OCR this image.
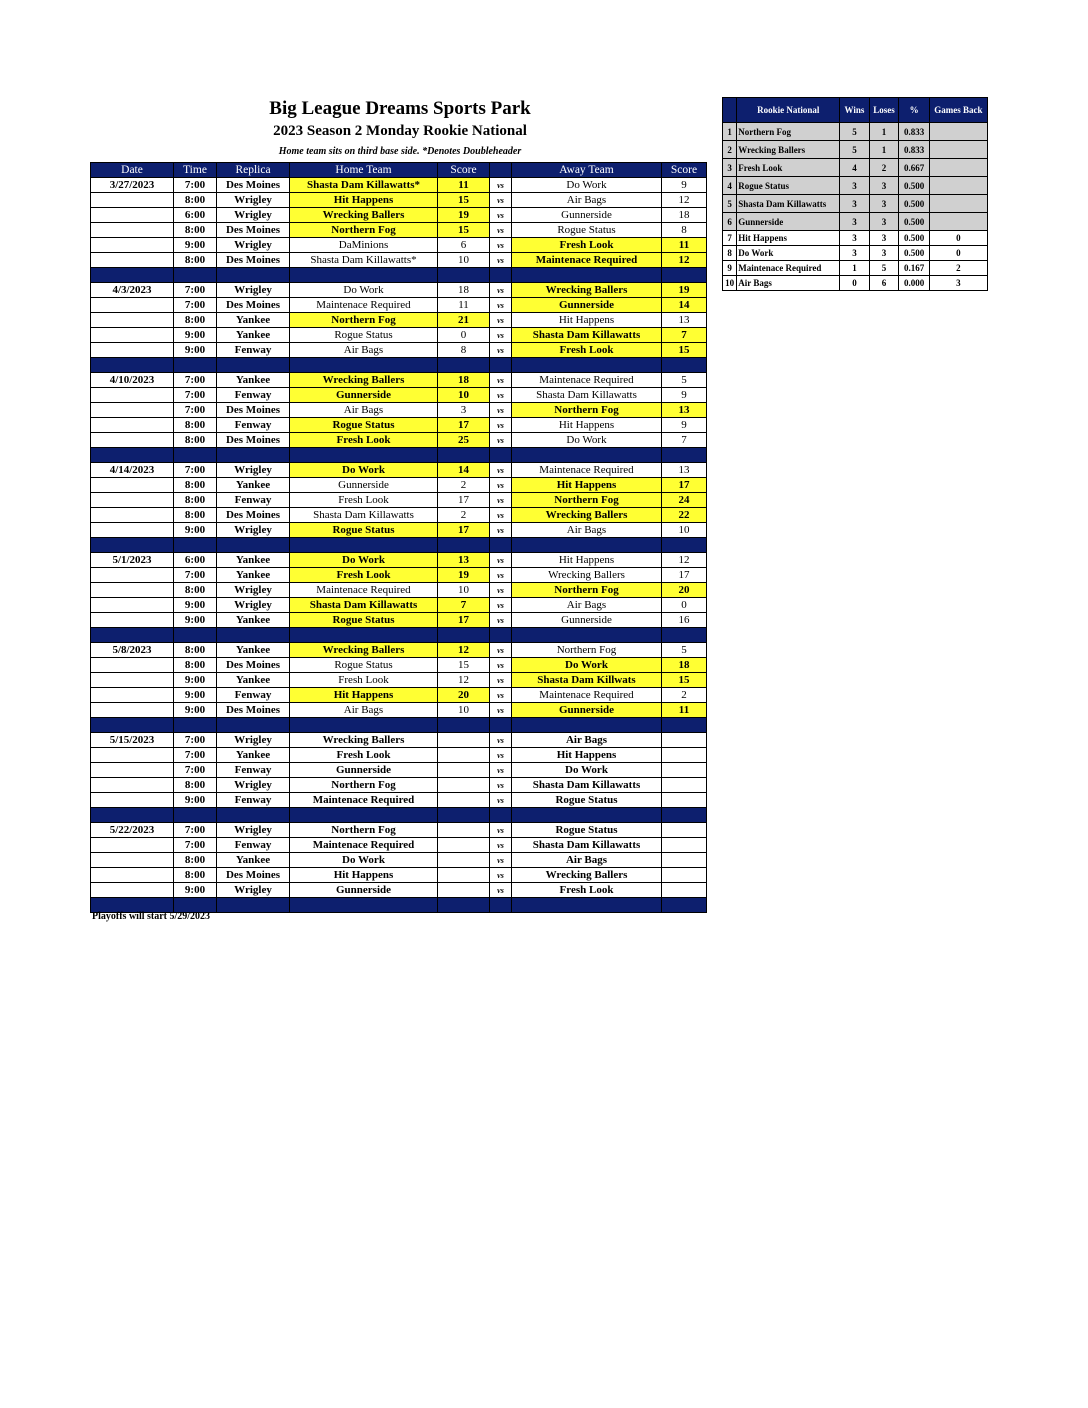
Big League Dreams Sports Park
2023 Season 2 Monday Rookie National
Home team sits on third base side. *Denotes Doubleheader
Date	Time	Replica	Home Team	Score		Away Team	Score
3/27/2023	7:00	Des Moines	Shasta Dam Killawatts*	11	vs	Do Work	9
	8:00	Wrigley	Hit Happens	15	vs	Air Bags	12
	6:00	Wrigley	Wrecking Ballers	19	vs	Gunnerside	18
	8:00	Des Moines	Northern Fog	15	vs	Rogue Status	8
	9:00	Wrigley	DaMinions	6	vs	Fresh Look	11
	8:00	Des Moines	Shasta Dam Killawatts*	10	vs	Maintenace Required	12

4/3/2023	7:00	Wrigley	Do Work	18	vs	Wrecking Ballers	19
	7:00	Des Moines	Maintenace Required	11	vs	Gunnerside	14
	8:00	Yankee	Northern Fog	21	vs	Hit Happens	13
	9:00	Yankee	Rogue Status	0	vs	Shasta Dam Killawatts	7
	9:00	Fenway	Air Bags	8	vs	Fresh Look	15

4/10/2023	7:00	Yankee	Wrecking Ballers	18	vs	Maintenace Required	5
	7:00	Fenway	Gunnerside	10	vs	Shasta Dam Killawatts	9
	7:00	Des Moines	Air Bags	3	vs	Northern Fog	13
	8:00	Fenway	Rogue Status	17	vs	Hit Happens	9
	8:00	Des Moines	Fresh Look	25	vs	Do Work	7

4/14/2023	7:00	Wrigley	Do Work	14	vs	Maintenace Required	13
	8:00	Yankee	Gunnerside	2	vs	Hit Happens	17
	8:00	Fenway	Fresh Look	17	vs	Northern Fog	24
	8:00	Des Moines	Shasta Dam Killawatts	2	vs	Wrecking Ballers	22
	9:00	Wrigley	Rogue Status	17	vs	Air Bags	10

5/1/2023	6:00	Yankee	Do Work	13	vs	Hit Happens	12
	7:00	Yankee	Fresh Look	19	vs	Wrecking Ballers	17
	8:00	Wrigley	Maintenace Required	10	vs	Northern Fog	20
	9:00	Wrigley	Shasta Dam Killawatts	7	vs	Air Bags	0
	9:00	Yankee	Rogue Status	17	vs	Gunnerside	16

5/8/2023	8:00	Yankee	Wrecking Ballers	12	vs	Northern Fog	5
	8:00	Des Moines	Rogue Status	15	vs	Do Work	18
	9:00	Yankee	Fresh Look	12	vs	Shasta Dam Killwats	15
	9:00	Fenway	Hit Happens	20	vs	Maintenace Required	2
	9:00	Des Moines	Air Bags	10	vs	Gunnerside	11

5/15/2023	7:00	Wrigley	Wrecking Ballers		vs	Air Bags	
	7:00	Yankee	Fresh Look		vs	Hit Happens	
	7:00	Fenway	Gunnerside		vs	Do Work	
	8:00	Wrigley	Northern Fog		vs	Shasta Dam Killawatts	
	9:00	Fenway	Maintenace Required		vs	Rogue Status	

5/22/2023	7:00	Wrigley	Northern Fog		vs	Rogue Status	
	7:00	Fenway	Maintenace Required		vs	Shasta Dam Killawatts	
	8:00	Yankee	Do Work		vs	Air Bags	
	8:00	Des Moines	Hit Happens		vs	Wrecking Ballers	
	9:00	Wrigley	Gunnerside		vs	Fresh Look	

Playoffs will start 5/29/2023
	Rookie National	Wins	Loses	%	Games Back
1	Northern Fog	5	1	0.833	
2	Wrecking Ballers	5	1	0.833	
3	Fresh Look	4	2	0.667	
4	Rogue Status	3	3	0.500	
5	Shasta Dam Killawatts	3	3	0.500	
6	Gunnerside	3	3	0.500	
7	Hit Happens	3	3	0.500	0
8	Do Work	3	3	0.500	0
9	Maintenace Required	1	5	0.167	2
10	Air Bags	0	6	0.000	3
